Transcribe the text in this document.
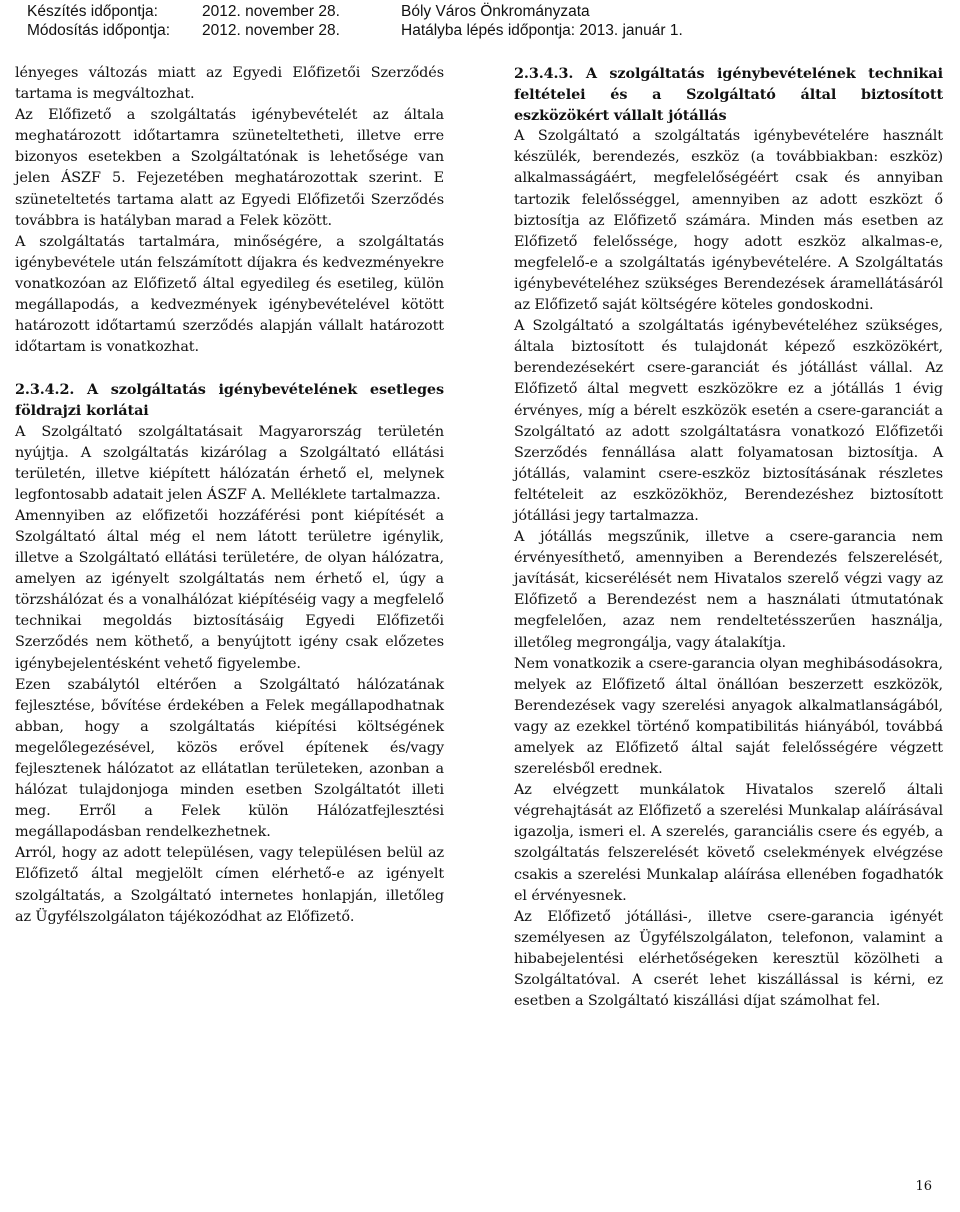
Készítés időpontja:	2012. november 28.	Bóly Város Önkrományzata
Módosítás időpontja: 2012. november 28.	Hatályba lépés időpontja: 2013. január 1.

lényeges változás miatt az Egyedi Előfizetői Szerződés tartama is megváltozhat.

Az Előfizető a szolgáltatás igénybevételét az általa meghatározott időtartamra szüneteltetheti, illetve erre bizonyos esetekben a Szolgáltatónak is lehetősége van jelen ÁSZF 5. Fejezetében meghatározottak szerint. E szüneteltetés tartama alatt az Egyedi Előfizetői Szerződés továbbra is hatályban marad a Felek között.

A szolgáltatás tartalmára, minőségére, a szolgáltatás igénybevétele után felszámított díjakra és kedvezményekre vonatkozóan az Előfizető által egyedileg és esetileg, külön megállapodás, a kedvezmények igénybevételével kötött határozott időtartamú szerződés alapján vállalt határozott időtartam is vonatkozhat.

2.3.4.2. A szolgáltatás igénybevételének esetleges földrajzi korlátai

A Szolgáltató szolgáltatásait Magyarország területén nyújtja. A szolgáltatás kizárólag a Szolgáltató ellátási területén, illetve kiépített hálózatán érhető el, melynek legfontosabb adatait jelen ÁSZF A. Melléklete tartalmazza.

Amennyiben az előfizetői hozzáférési pont kiépítését a Szolgáltató által még el nem látott területre igénylik, illetve a Szolgáltató ellátási területére, de olyan hálózatra, amelyen az igényelt szolgáltatás nem érhető el, úgy a törzshálózat és a vonalhálózat kiépítéséig vagy a megfelelő technikai megoldás biztosításáig Egyedi Előfizetői Szerződés nem köthető, a benyújtott igény csak előzetes igénybejelentésként vehető figyelembe.

Ezen szabálytól eltérően a Szolgáltató hálózatának fejlesztése, bővítése érdekében a Felek megállapodhatnak abban, hogy a szolgáltatás kiépítési költségének megelőlegezésével, közös erővel építenek és/vagy fejlesztenek hálózatot az ellátatlan területeken, azonban a hálózat tulajdonjoga minden esetben Szolgáltatót illeti meg. Erről a Felek külön Hálózatfejlesztési megállapodásban rendelkezhetnek.

Arról, hogy az adott településen, vagy településen belül az Előfizető által megjelölt címen elérhető-e az igényelt szolgáltatás, a Szolgáltató internetes honlapján, illetőleg az Ügyfélszolgálaton tájékozódhat az Előfizető.

2.3.4.3. A szolgáltatás igénybevételének technikai feltételei és a Szolgáltató által biztosított eszközökért vállalt jótállás

A Szolgáltató a szolgáltatás igénybevételére használt készülék, berendezés, eszköz (a továbbiakban: eszköz) alkalmasságáért, megfelelőségéért csak és annyiban tartozik felelősséggel, amennyiben az adott eszközt ő biztosítja az Előfizető számára. Minden más esetben az Előfizető felelőssége, hogy adott eszköz alkalmas-e, megfelelő-e a szolgáltatás igénybevételére. A Szolgáltatás igénybevételéhez szükséges Berendezések áramellátásáról az Előfizető saját költségére köteles gondoskodni.

A Szolgáltató a szolgáltatás igénybevételéhez szükséges, általa biztosított és tulajdonát képező eszközökért, berendezésekért csere-garanciát és jótállást vállal. Az Előfizető által megvett eszközökre ez a jótállás 1 évig érvényes, míg a bérelt eszközök esetén a csere-garanciát a Szolgáltató az adott szolgáltatásra vonatkozó Előfizetői Szerződés fennállása alatt folyamatosan biztosítja. A jótállás, valamint csere-eszköz biztosításának részletes feltételeit az eszközökhöz, Berendezéshez biztosított jótállási jegy tartalmazza.

A jótállás megszűnik, illetve a csere-garancia nem érvényesíthető, amennyiben a Berendezés felszerelését, javítását, kicserélését nem Hivatalos szerelő végzi vagy az Előfizető a Berendezést nem a használati útmutatónak megfelelően, azaz nem rendeltetésszerűen használja, illetőleg megrongálja, vagy átalakítja.

Nem vonatkozik a csere-garancia olyan meghibásodásokra, melyek az Előfizető által önállóan beszerzett eszközök, Berendezések vagy szerelési anyagok alkalmatlanságából, vagy az ezekkel történő kompatibilitás hiányából, továbbá amelyek az Előfizető által saját felelősségére végzett szerelésből erednek.

Az elvégzett munkálatok Hivatalos szerelő általi végrehajtását az Előfizető a szerelési Munkalap aláírásával igazolja, ismeri el. A szerelés, garanciális csere és egyéb, a szolgáltatás felszerelését követő cselekmények elvégzése csakis a szerelési Munkalap aláírása ellenében fogadhatók el érvényesnek.

Az Előfizető jótállási-, illetve csere-garancia igényét személyesen az Ügyfélszolgálaton, telefonon, valamint a hibabejelentési elérhetőségeken keresztül közölheti a Szolgáltatóval. A cserét lehet kiszállással is kérni, ez esetben a Szolgáltató kiszállási díjat számolhat fel.

16
